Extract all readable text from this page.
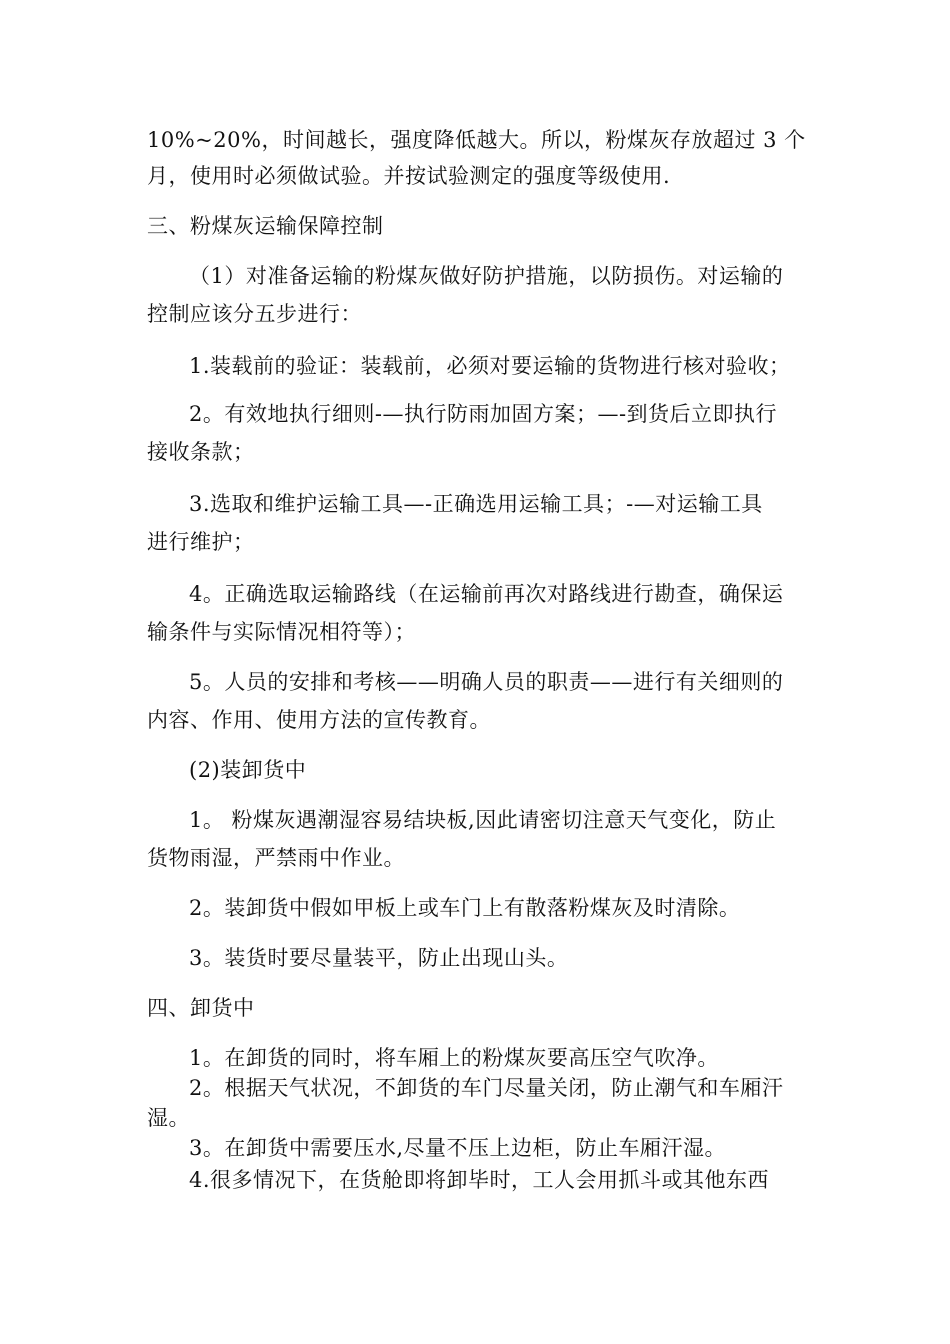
10%~20%，时间越长，强度降低越大。所以，粉煤灰存放超过 3 个
月，使用时必须做试验。并按试验测定的强度等级使用.
三、粉煤灰运输保障控制
（1）对准备运输的粉煤灰做好防护措施，以防损伤。对运输的
控制应该分五步进行：
1.装载前的验证：装载前，必须对要运输的货物进行核对验收；
2。有效地执行细则-—执行防雨加固方案；—-到货后立即执行
接收条款；
3.选取和维护运输工具—-正确选用运输工具；-—对运输工具
进行维护；
4。正确选取运输路线（在运输前再次对路线进行勘查，确保运
输条件与实际情况相符等）；
5。人员的安排和考核——明确人员的职责——进行有关细则的
内容、作用、使用方法的宣传教育。
(2)装卸货中
1。 粉煤灰遇潮湿容易结块板,因此请密切注意天气变化，防止
货物雨湿，严禁雨中作业。
2。装卸货中假如甲板上或车门上有散落粉煤灰及时清除。
3。装货时要尽量装平，防止出现山头。
四、卸货中
1。在卸货的同时，将车厢上的粉煤灰要高压空气吹净。
2。根据天气状况，不卸货的车门尽量关闭，防止潮气和车厢汗
湿。
3。在卸货中需要压水,尽量不压上边柜，防止车厢汗湿。
4.很多情况下，在货舱即将卸毕时，工人会用抓斗或其他东西
